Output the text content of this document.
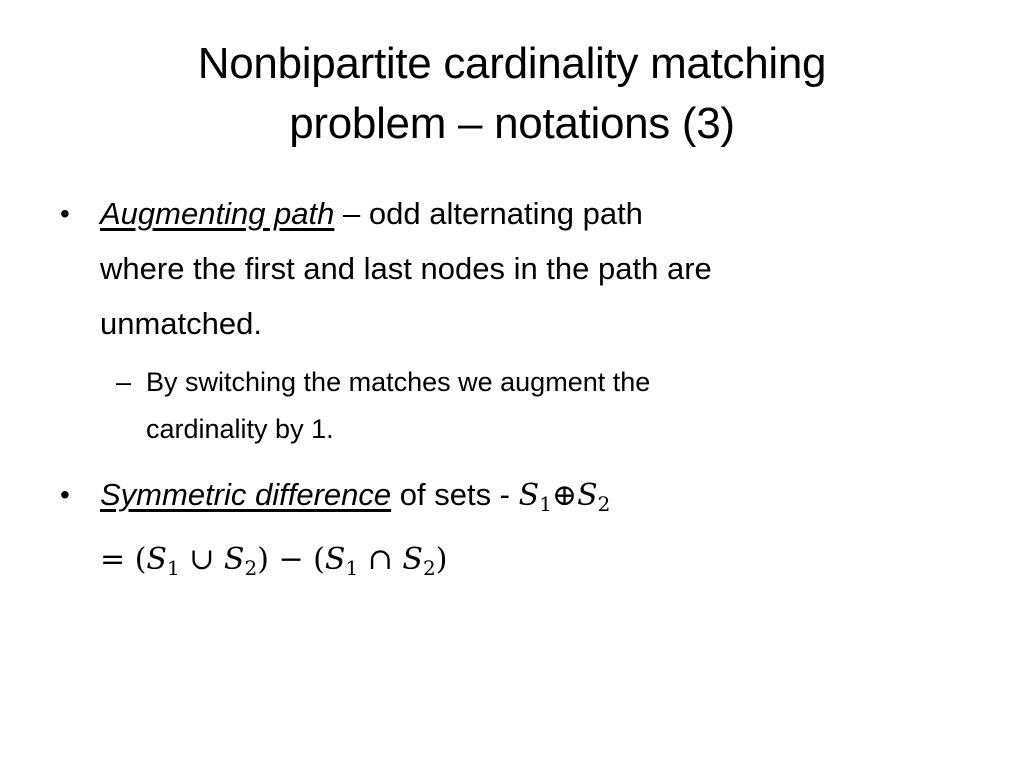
Nonbipartite cardinality matching
problem – notations (3)
• Augmenting path – odd alternating path
where the first and last nodes in the path are
unmatched.
– By switching the matches we augment the
cardinality by 1.
• Symmetric difference of sets - $S_1\oplus S_2$
= ($S_1$ ∪ $S_2) - (S_1$ ∩ $S_2$)
